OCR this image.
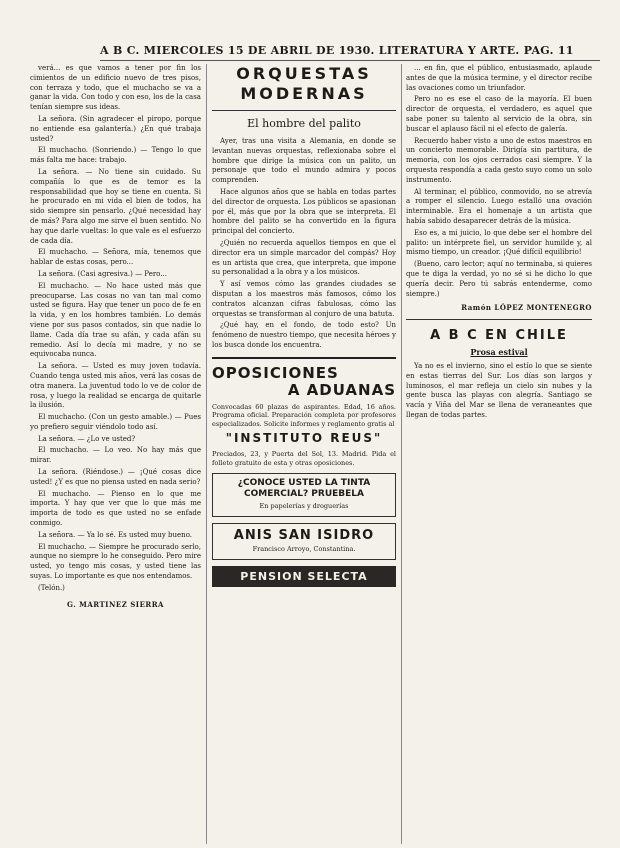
A B C. MIERCOLES 15 DE ABRIL DE 1930. LITERATURA Y ARTE. PAG. 11

verá... es que vamos a tener por fin los cimientos de un edificio nuevo de tres pisos, con terraza y todo, que el muchacho se va a ganar la vida. Con todo y con eso, los de la casa tenían siempre sus ideas.

La señora. (Sin agradecer el piropo, porque no entiende esa galantería.) ¿En qué trabaja usted?

El muchacho. (Sonriendo.) — Tengo lo que más falta me hace: trabajo.

La señora. — No tiene sin cuidado. Su compañía lo que es de temor es la responsabilidad que hoy se tiene en cuenta. Si he procurado en mi vida el bien de todos, ha sido siempre sin pensarlo. ¿Qué necesidad hay de más? Para algo me sirve el buen sentido. No hay que darle vueltas: lo que vale es el esfuerzo de cada día.

El muchacho. — Señora, mía, tenemos que hablar de estas cosas, pero...

La señora. (Casi agresiva.) — Pero...

El muchacho. — No hace usted más que preocuparse. Las cosas no van tan mal como usted se figura. Hay que tener un poco de fe en la vida, y en los hombres también. Lo demás viene por sus pasos contados, sin que nadie lo llame. Cada día trae su afán, y cada afán su remedio. Así lo decía mi madre, y no se equivocaba nunca.

La señora. — Usted es muy joven todavía. Cuando tenga usted mis años, verá las cosas de otra manera. La juventud todo lo ve de color de rosa, y luego la realidad se encarga de quitarle la ilusión.

El muchacho. (Con un gesto amable.) — Pues yo prefiero seguir viéndolo todo así.

La señora. — ¿Lo ve usted?

El muchacho. — Lo veo. No hay más que mirar.

La señora. (Riéndose.) — ¡Qué cosas dice usted! ¿Y es que no piensa usted en nada serio?

El muchacho. — Pienso en lo que me importa. Y hay que ver que lo que más me importa de todo es que usted no se enfade conmigo.

La señora. — Ya lo sé. Es usted muy bueno.

El muchacho. — Siempre he procurado serlo, aunque no siempre lo he conseguido. Pero mire usted, yo tengo mis cosas, y usted tiene las suyas. Lo importante es que nos entendamos.

(Telón.)

G. MARTINEZ SIERRA
ORQUESTAS MODERNAS
El hombre del palito

Ayer, tras una visita a Alemania, en donde se levantan nuevas orquestas, reflexionaba sobre el hombre que dirige la música con un palito, un personaje que todo el mundo admira y pocos comprenden.

Hace algunos años que se habla en todas partes del director de orquesta. Los públicos se apasionan por él, más que por la obra que se interpreta. El hombre del palito se ha convertido en la figura principal del concierto.

¿Quién no recuerda aquellos tiempos en que el director era un simple marcador del compás? Hoy es un artista que crea, que interpreta, que impone su personalidad a la obra y a los músicos.

Y así vemos cómo las grandes ciudades se disputan a los maestros más famosos, cómo los contratos alcanzan cifras fabulosas, cómo las orquestas se transforman al conjuro de una batuta.

¿Qué hay, en el fondo, de todo esto? Un fenómeno de nuestro tiempo, que necesita héroes y los busca donde los encuentra.

OPOSICIONES
A ADUANAS
Convocadas 60 plazas de aspirantes. Edad, 16 años. Programa oficial. Preparación completa por profesores especializados. Solicite informes y reglamento gratis al
"INSTITUTO REUS"
Preciados, 23, y Puerta del Sol, 13. Madrid. Pida el folleto gratuito de esta y otras oposiciones.
¿CONOCE USTED LA TINTA
COMERCIAL? PRUEBELA
En papelerías y droguerías
ANIS SAN ISIDRO
Francisco Arroyo, Constantina.
PENSION SELECTA

... en fin, que el público, entusiasmado, aplaude antes de que la música termine, y el director recibe las ovaciones como un triunfador.

Pero no es ese el caso de la mayoría. El buen director de orquesta, el verdadero, es aquel que sabe poner su talento al servicio de la obra, sin buscar el aplauso fácil ni el efecto de galería.

Recuerdo haber visto a uno de estos maestros en un concierto memorable. Dirigía sin partitura, de memoria, con los ojos cerrados casi siempre. Y la orquesta respondía a cada gesto suyo como un solo instrumento.

Al terminar, el público, conmovido, no se atrevía a romper el silencio. Luego estalló una ovación interminable. Era el homenaje a un artista que había sabido desaparecer detrás de la música.

Eso es, a mi juicio, lo que debe ser el hombre del palito: un intérprete fiel, un servidor humilde y, al mismo tiempo, un creador. ¡Qué difícil equilibrio!

(Bueno, caro lector; aquí no terminaba, si quieres que te diga la verdad, yo no sé si he dicho lo que quería decir. Pero tú sabrás entenderme, como siempre.)

Ramón LÓPEZ MONTENEGRO
A B C EN CHILE
Prosa estival

Ya no es el invierno, sino el estío lo que se siente en estas tierras del Sur. Los días son largos y luminosos, el mar refleja un cielo sin nubes y la gente busca las playas con alegría. Santiago se vacía y Viña del Mar se llena de veraneantes que llegan de todas partes.
